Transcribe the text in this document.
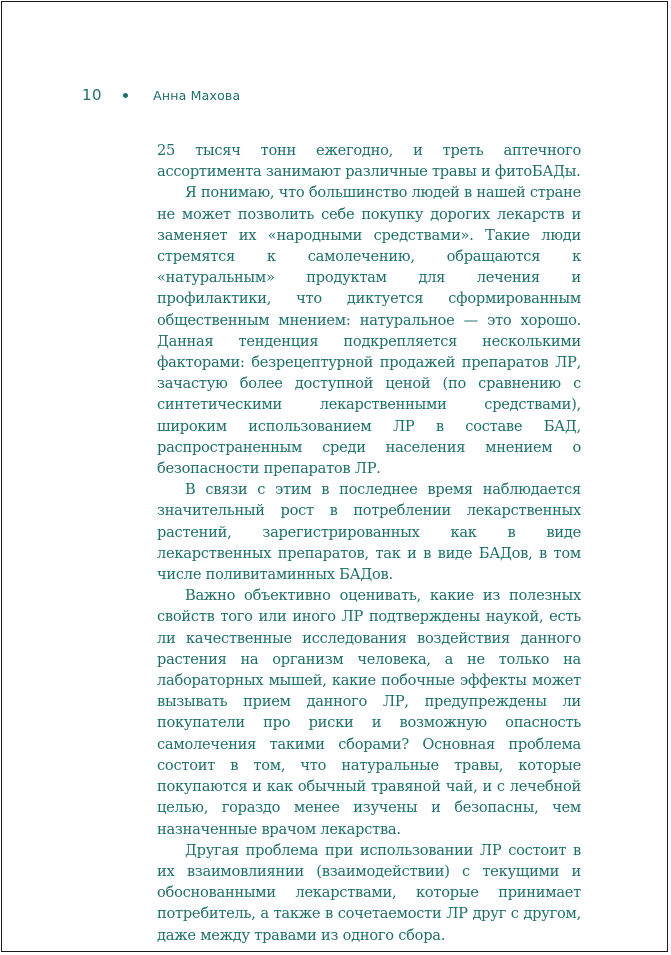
10	Анна Махова

25 тысяч тонн ежегодно, и треть аптечного ассортимента занимают различные травы и фитоБАДы.

Я понимаю, что большинство людей в нашей стране не может позволить себе покупку дорогих лекарств и заменяет их «народными средствами». Такие люди стремятся к самолечению, обращаются к «натуральным» продуктам для лечения и профилактики, что диктуется сформированным общественным мнением: натуральное — это хорошо. Данная тенденция подкрепляется несколькими факторами: безрецептурной продажей препаратов ЛР, зачастую более доступной ценой (по сравнению с синтетическими лекарственными средствами), широким использованием ЛР в составе БАД, распространенным среди населения мнением о безопасности препаратов ЛР.

В связи с этим в последнее время наблюдается значительный рост в потреблении лекарственных растений, зарегистрированных как в виде лекарственных препаратов, так и в виде БАДов, в том числе поливитаминных БАДов.

Важно объективно оценивать, какие из полезных свойств того или иного ЛР подтверждены наукой, есть ли качественные исследования воздействия данного растения на организм человека, а не только на лабораторных мышей, какие побочные эффекты может вызывать прием данного ЛР, предупреждены ли покупатели про риски и возможную опасность самолечения такими сборами? Основная проблема состоит в том, что натуральные травы, которые покупаются и как обычный травяной чай, и с лечебной целью, гораздо менее изучены и безопасны, чем назначенные врачом лекарства.

Другая проблема при использовании ЛР состоит в их взаимовлиянии (взаимодействии) с текущими и обоснованными лекарствами, которые принимает потребитель, а также в сочетаемости ЛР друг с другом, даже между травами из одного сбора.
